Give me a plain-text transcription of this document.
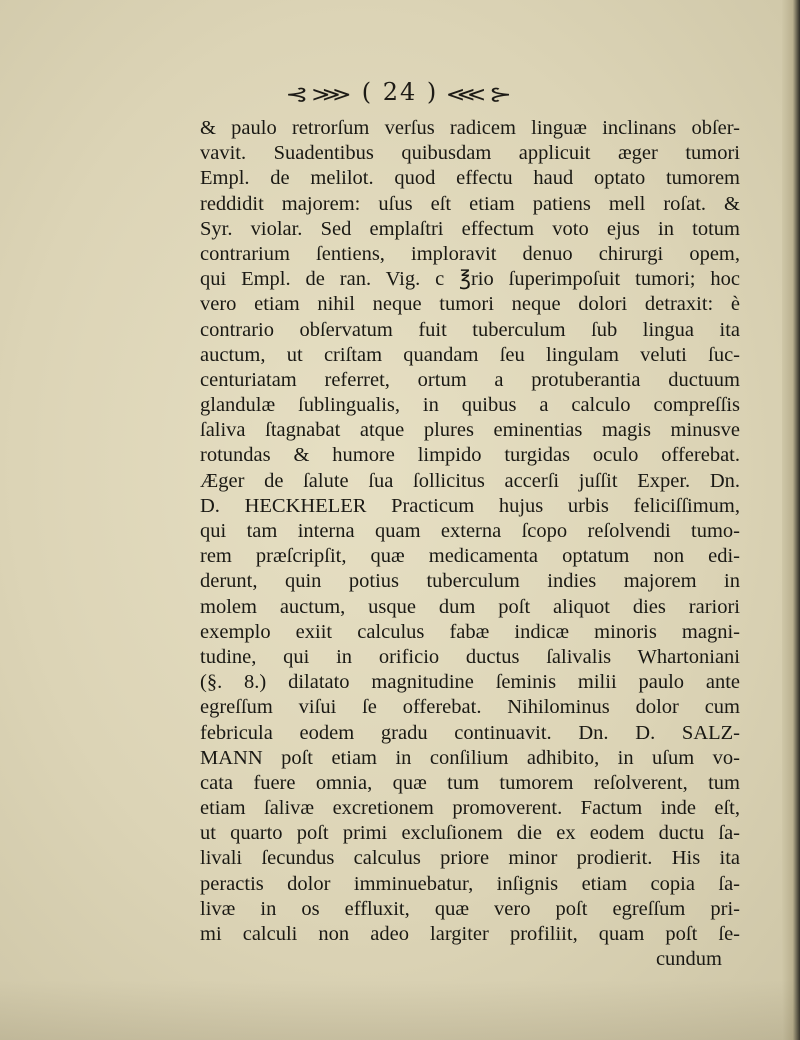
⊰⋙ ( 24 ) ⋘⊱
& paulo retrorſum verſus radicem linguæ inclinans obſer-
vavit. Suadentibus quibusdam applicuit æger tumori
Empl. de melilot. quod effectu haud optato tumorem
reddidit majorem: uſus eſt etiam patiens mell roſat. &
Syr. violar. Sed emplaſtri effectum voto ejus in totum
contrarium ſentiens, imploravit denuo chirurgi opem,
qui Empl. de ran. Vig. c ℥rio ſuperimpoſuit tumori; hoc
vero etiam nihil neque tumori neque dolori detraxit: è
contrario obſervatum fuit tuberculum ſub lingua ita
auctum, ut criſtam quandam ſeu lingulam veluti ſuc-
centuriatam referret, ortum a protuberantia ductuum
glandulæ ſublingualis, in quibus a calculo compreſſis
ſaliva ſtagnabat atque plures eminentias magis minusve
rotundas & humore limpido turgidas oculo offerebat.
Æger de ſalute ſua ſollicitus accerſi juſſit Exper. Dn.
D. HECKHELER Practicum hujus urbis feliciſſimum,
qui tam interna quam externa ſcopo reſolvendi tumo-
rem præſcripſit, quæ medicamenta optatum non edi-
derunt, quin potius tuberculum indies majorem in
molem auctum, usque dum poſt aliquot dies rariori
exemplo exiit calculus fabæ indicæ minoris magni-
tudine, qui in orificio ductus ſalivalis Whartoniani
(§. 8.) dilatato magnitudine ſeminis milii paulo ante
egreſſum viſui ſe offerebat. Nihilominus dolor cum
febricula eodem gradu continuavit. Dn. D. SALZ-
MANN poſt etiam in conſilium adhibito, in uſum vo-
cata fuere omnia, quæ tum tumorem reſolverent, tum
etiam ſalivæ excretionem promoverent. Factum inde eſt,
ut quarto poſt primi excluſionem die ex eodem ductu ſa-
livali ſecundus calculus priore minor prodierit. His ita
peractis dolor imminuebatur, inſignis etiam copia ſa-
livæ in os effluxit, quæ vero poſt egreſſum pri-
mi calculi non adeo largiter profiliit, quam poſt ſe-
cundum
